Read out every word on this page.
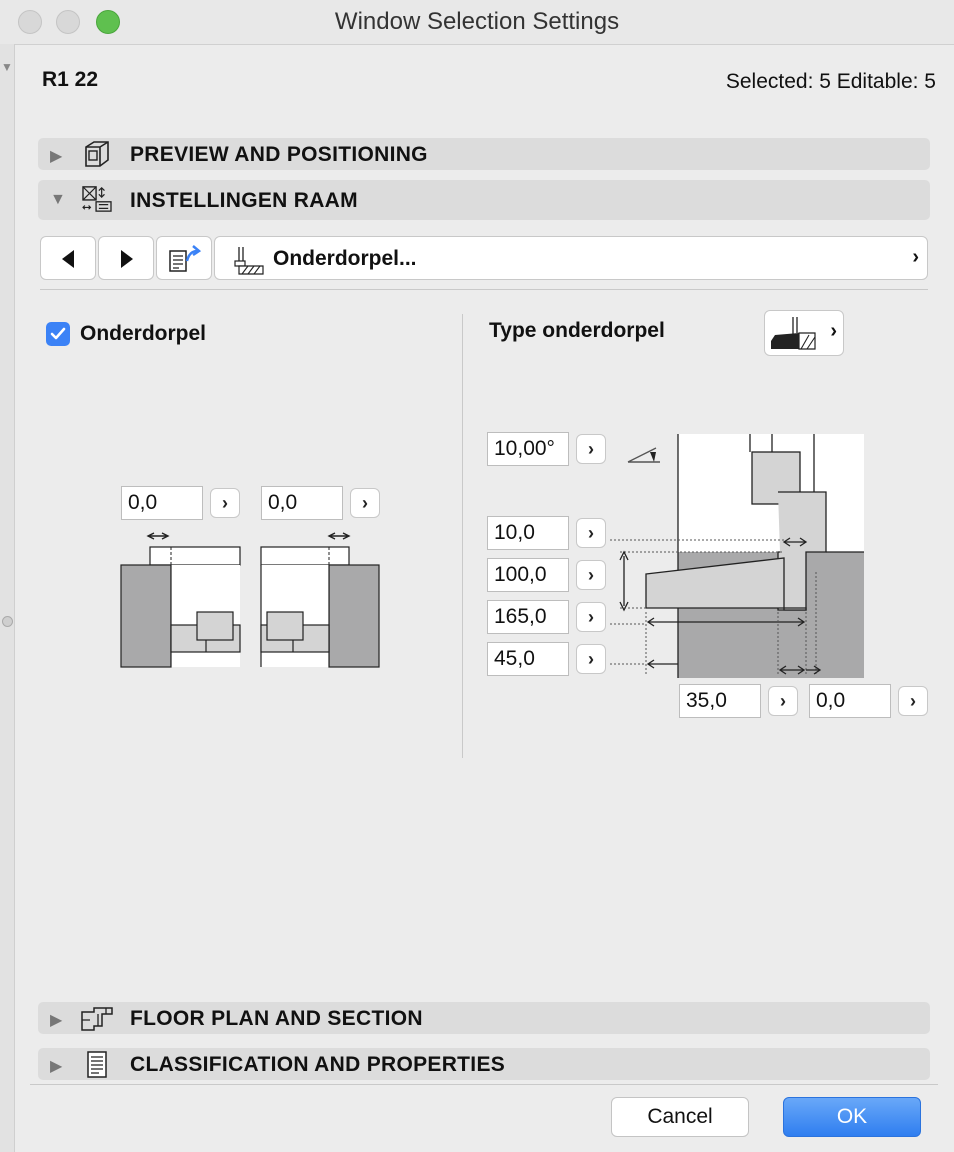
Window Selection Settings
▼
R1 22	Selected: 5 Editable: 5
▶	PREVIEW AND POSITIONING
▼	INSTELLINGEN RAAM
Onderdorpel...	›
Onderdorpel
0,0	›	0,0	›
Type onderdorpel	›
10,00°	›
10,0	›
100,0	›
165,0	›
45,0	›
35,0	›	0,0	›
▶	FLOOR PLAN AND SECTION
▶	CLASSIFICATION AND PROPERTIES
Cancel	OK
